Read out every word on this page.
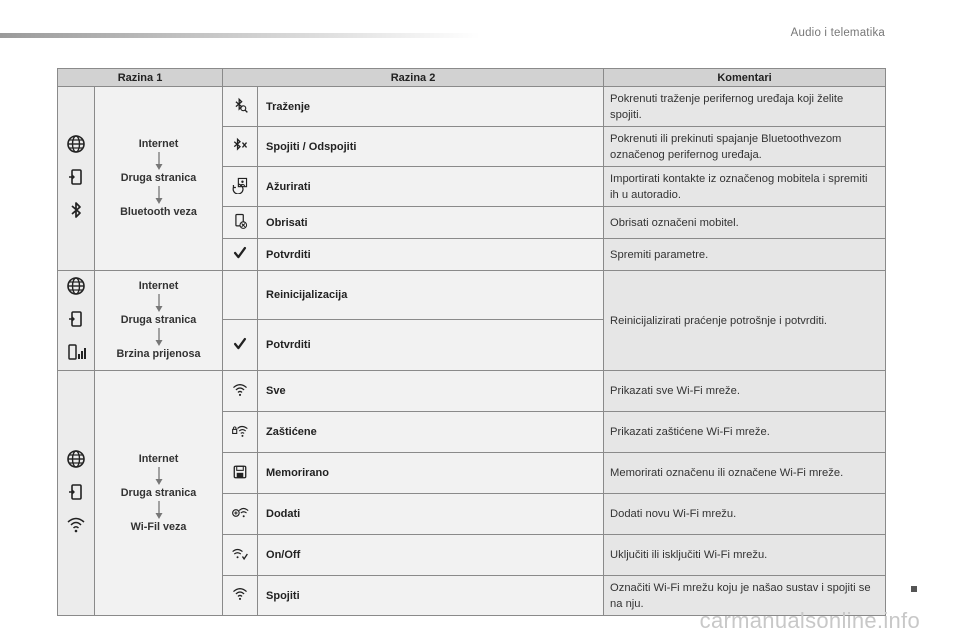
Audio i telematika
Razina 1		Razina 2		Komentari

Internet
Druga stranica
Bluetooth veza		Traženje	Pokrenuti traženje perifernog uređaja koji želite spojiti.

	Spojiti / Odspojiti	Pokrenuti ili prekinuti spajanje Bluetoothvezom označenog perifernog uređaja.

	Ažurirati	Importirati kontakte iz označenog mobitela i spremiti ih u autoradio.

	Obrisati	Obrisati označeni mobitel.

	Potvrditi	Spremiti parametre.

Internet
Druga stranica
Brzina prijenosa		Reinicijalizacija	Reinicijalizirati praćenje potrošnje i potvrditi.

	Potvrditi	

Internet
Druga stranica
Wi-Fil veza		Sve	Prikazati sve Wi-Fi mreže.

	Zaštićene	Prikazati zaštićene Wi-Fi mreže.

	Memorirano	Memorirati označenu ili označene Wi-Fi mreže.

	Dodati	Dodati novu Wi-Fi mrežu.

	On/Off	Uključiti ili isključiti Wi-Fi mrežu.

	Spojiti	Označiti Wi-Fi mrežu koju je našao sustav i spojiti se na nju.
carmanualsonline.info
